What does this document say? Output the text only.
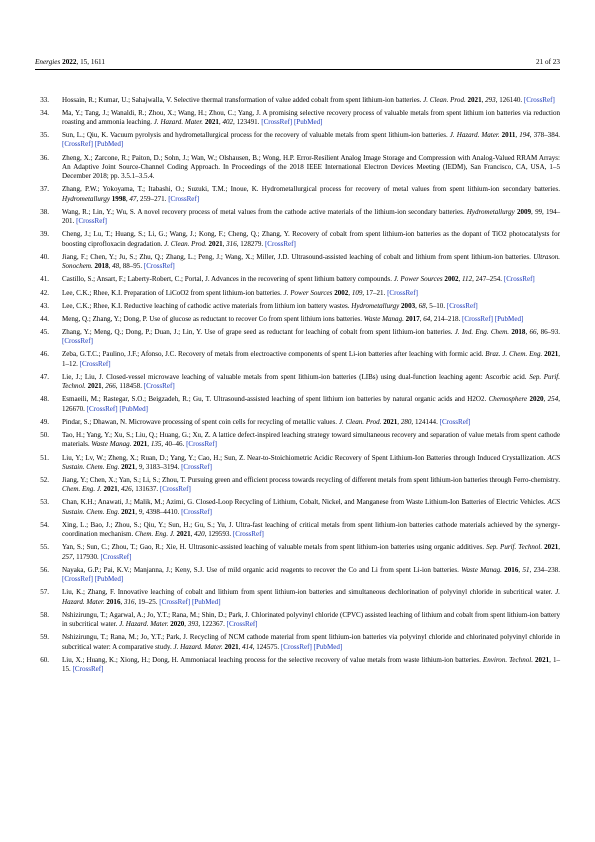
Energies 2022, 15, 1611	21 of 23
33. Hossain, R.; Kumar, U.; Sahajwalla, V. Selective thermal transformation of value added cobalt from spent lithium-ion batteries. J. Clean. Prod. 2021, 293, 126140. [CrossRef]
34. Ma, Y.; Tang, J.; Wanaldi, R.; Zhou, X.; Wang, H.; Zhou, C.; Yang, J. A promising selective recovery process of valuable metals from spent lithium ion batteries via reduction roasting and ammonia leaching. J. Hazard. Mater. 2021, 402, 123491. [CrossRef] [PubMed]
35. Sun, L.; Qiu, K. Vacuum pyrolysis and hydrometallurgical process for the recovery of valuable metals from spent lithium-ion batteries. J. Hazard. Mater. 2011, 194, 378–384. [CrossRef] [PubMed]
36. Zheng, X.; Zarcone, R.; Paiton, D.; Sohn, J.; Wan, W.; Olshausen, B.; Wong, H.P. Error-Resilient Analog Image Storage and Compression with Analog-Valued RRAM Arrays: An Adaptive Joint Source-Channel Coding Approach. In Proceedings of the 2018 IEEE International Electron Devices Meeting (IEDM), San Francisco, CA, USA, 1–5 December 2018; pp. 3.5.1–3.5.4.
37. Zhang, P.W.; Yokoyama, T.; Itabashi, O.; Suzuki, T.M.; Inoue, K. Hydrometallurgical process for recovery of metal values from spent lithium-ion secondary batteries. Hydrometallurgy 1998, 47, 259–271. [CrossRef]
38. Wang, R.; Lin, Y.; Wu, S. A novel recovery process of metal values from the cathode active materials of the lithium-ion secondary batteries. Hydrometallurgy 2009, 99, 194–201. [CrossRef]
39. Cheng, J.; Lu, T.; Huang, S.; Li, G.; Wang, J.; Kong, F.; Cheng, Q.; Zhang, Y. Recovery of cobalt from spent lithium-ion batteries as the dopant of TiO2 photocatalysts for boosting ciprofloxacin degradation. J. Clean. Prod. 2021, 316, 128279. [CrossRef]
40. Jiang, F.; Chen, Y.; Ju, S.; Zhu, Q.; Zhang, L.; Peng, J.; Wang, X.; Miller, J.D. Ultrasound-assisted leaching of cobalt and lithium from spent lithium-ion batteries. Ultrason. Sonochem. 2018, 48, 88–95. [CrossRef]
41. Castillo, S.; Ansart, F.; Laberty-Robert, C.; Portal, J. Advances in the recovering of spent lithium battery compounds. J. Power Sources 2002, 112, 247–254. [CrossRef]
42. Lee, C.K.; Rhee, K.I. Preparation of LiCoO2 from spent lithium-ion batteries. J. Power Sources 2002, 109, 17–21. [CrossRef]
43. Lee, C.K.; Rhee, K.I. Reductive leaching of cathodic active materials from lithium ion battery wastes. Hydrometallurgy 2003, 68, 5–10. [CrossRef]
44. Meng, Q.; Zhang, Y.; Dong, P. Use of glucose as reductant to recover Co from spent lithium ions batteries. Waste Manag. 2017, 64, 214–218. [CrossRef] [PubMed]
45. Zhang, Y.; Meng, Q.; Dong, P.; Duan, J.; Lin, Y. Use of grape seed as reductant for leaching of cobalt from spent lithium-ion batteries. J. Ind. Eng. Chem. 2018, 66, 86–93. [CrossRef]
46. Zeba, G.T.C.; Paulino, J.F.; Afonso, J.C. Recovery of metals from electroactive components of spent Li-ion batteries after leaching with formic acid. Braz. J. Chem. Eng. 2021, 1–12. [CrossRef]
47. Lie, J.; Liu, J. Closed-vessel microwave leaching of valuable metals from spent lithium-ion batteries (LIBs) using dual-function leaching agent: Ascorbic acid. Sep. Purif. Technol. 2021, 266, 118458. [CrossRef]
48. Esmaeili, M.; Rastegar, S.O.; Beigzadeh, R.; Gu, T. Ultrasound-assisted leaching of spent lithium ion batteries by natural organic acids and H2O2. Chemosphere 2020, 254, 126670. [CrossRef] [PubMed]
49. Pindar, S.; Dhawan, N. Microwave processing of spent coin cells for recycling of metallic values. J. Clean. Prod. 2021, 280, 124144. [CrossRef]
50. Tao, H.; Yang, Y.; Xu, S.; Liu, Q.; Huang, G.; Xu, Z. A lattice defect-inspired leaching strategy toward simultaneous recovery and separation of value metals from spent cathode materials. Waste Manag. 2021, 135, 40–46. [CrossRef]
51. Liu, Y.; Lv, W.; Zheng, X.; Ruan, D.; Yang, Y.; Cao, H.; Sun, Z. Near-to-Stoichiometric Acidic Recovery of Spent Lithium-Ion Batteries through Induced Crystallization. ACS Sustain. Chem. Eng. 2021, 9, 3183–3194. [CrossRef]
52. Jiang, Y.; Chen, X.; Yan, S.; Li, S.; Zhou, T. Pursuing green and efficient process towards recycling of different metals from spent lithium-ion batteries through Ferro-chemistry. Chem. Eng. J. 2021, 426, 131637. [CrossRef]
53. Chan, K.H.; Anawati, J.; Malik, M.; Azimi, G. Closed-Loop Recycling of Lithium, Cobalt, Nickel, and Manganese from Waste Lithium-Ion Batteries of Electric Vehicles. ACS Sustain. Chem. Eng. 2021, 9, 4398–4410. [CrossRef]
54. Xing, L.; Bao, J.; Zhou, S.; Qiu, Y.; Sun, H.; Gu, S.; Yu, J. Ultra-fast leaching of critical metals from spent lithium-ion batteries cathode materials achieved by the synergy-coordination mechanism. Chem. Eng. J. 2021, 420, 129593. [CrossRef]
55. Yan, S.; Sun, C.; Zhou, T.; Gao, R.; Xie, H. Ultrasonic-assisted leaching of valuable metals from spent lithium-ion batteries using organic additives. Sep. Purif. Technol. 2021, 257, 117930. [CrossRef]
56. Nayaka, G.P.; Pai, K.V.; Manjanna, J.; Keny, S.J. Use of mild organic acid reagents to recover the Co and Li from spent Li-ion batteries. Waste Manag. 2016, 51, 234–238. [CrossRef] [PubMed]
57. Liu, K.; Zhang, F. Innovative leaching of cobalt and lithium from spent lithium-ion batteries and simultaneous dechlorination of polyvinyl chloride in subcritical water. J. Hazard. Mater. 2016, 316, 19–25. [CrossRef] [PubMed]
58. Nshizirungu, T.; Agarwal, A.; Jo, Y.T.; Rana, M.; Shin, D.; Park, J. Chlorinated polyvinyl chloride (CPVC) assisted leaching of lithium and cobalt from spent lithium-ion battery in subcritical water. J. Hazard. Mater. 2020, 393, 122367. [CrossRef]
59. Nshizirungu, T.; Rana, M.; Jo, Y.T.; Park, J. Recycling of NCM cathode material from spent lithium-ion batteries via polyvinyl chloride and chlorinated polyvinyl chloride in subcritical water: A comparative study. J. Hazard. Mater. 2021, 414, 124575. [CrossRef] [PubMed]
60. Liu, X.; Huang, K.; Xiong, H.; Dong, H. Ammoniacal leaching process for the selective recovery of value metals from waste lithium-ion batteries. Environ. Technol. 2021, 1–15. [CrossRef]
